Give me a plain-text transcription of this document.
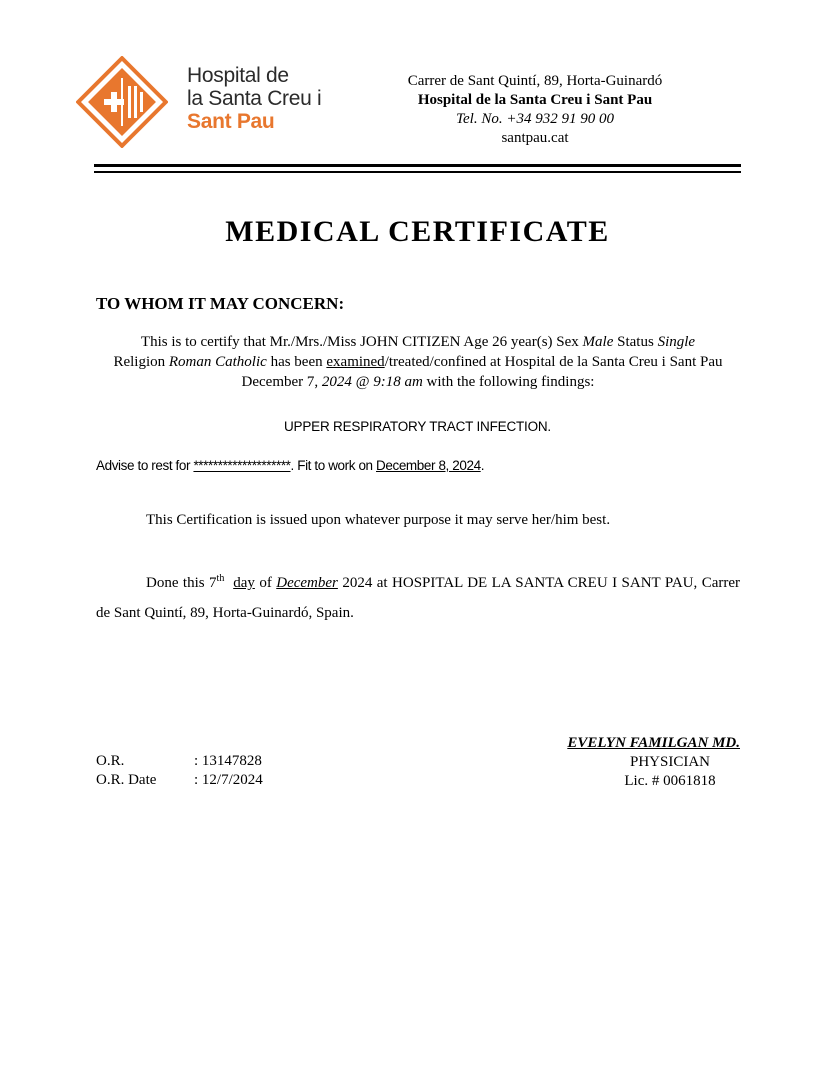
Hospital de
la Santa Creu i
Sant Pau
Carrer de Sant Quintí, 89, Horta-Guinardó
Hospital de la Santa Creu i Sant Pau
Tel. No. +34 932 91 90 00
santpau.cat
MEDICAL CERTIFICATE
TO WHOM IT MAY CONCERN:
This is to certify that Mr./Mrs./Miss JOHN CITIZEN Age 26 year(s) Sex Male Status Single
Religion Roman Catholic has been examined/treated/confined at Hospital de la Santa Creu i Sant Pau December 7, 2024 @ 9:18 am with the following findings:
UPPER RESPIRATORY TRACT INFECTION.
Advise to rest for ********************. Fit to work on December 8, 2024.
This Certification is issued upon whatever purpose it may serve her/him best.
Done this 7th day of December 2024 at HOSPITAL DE LA SANTA CREU I SANT PAU, Carrer de Sant Quintí, 89, Horta-Guinardó, Spain.
O.R.	: 13147828
O.R. Date	: 12/7/2024
EVELYN FAMILGAN MD.
PHYSICIAN
Lic. # 0061818
